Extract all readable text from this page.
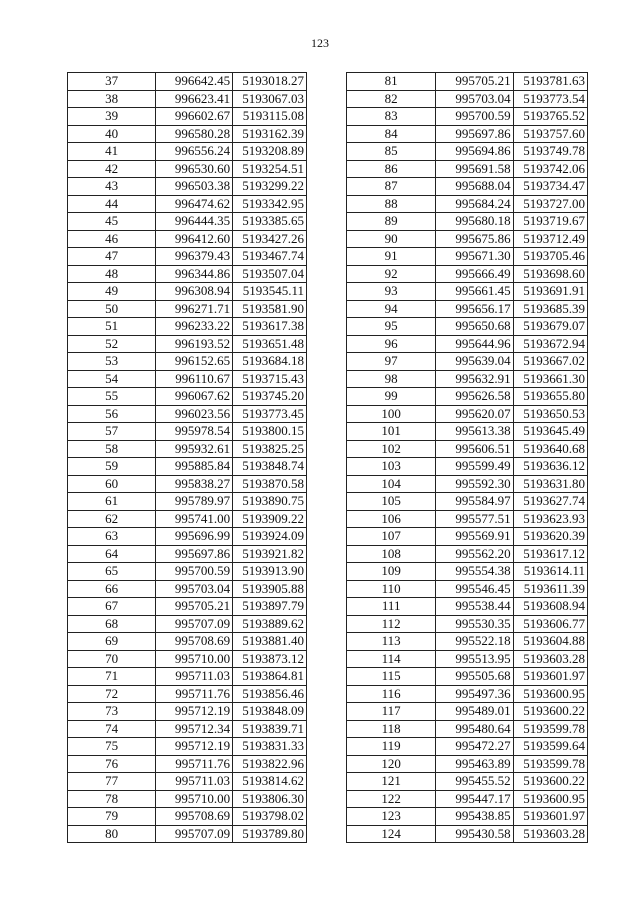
123
37	996642.45	5193018.27
38	996623.41	5193067.03
39	996602.67	5193115.08
40	996580.28	5193162.39
41	996556.24	5193208.89
42	996530.60	5193254.51
43	996503.38	5193299.22
44	996474.62	5193342.95
45	996444.35	5193385.65
46	996412.60	5193427.26
47	996379.43	5193467.74
48	996344.86	5193507.04
49	996308.94	5193545.11
50	996271.71	5193581.90
51	996233.22	5193617.38
52	996193.52	5193651.48
53	996152.65	5193684.18
54	996110.67	5193715.43
55	996067.62	5193745.20
56	996023.56	5193773.45
57	995978.54	5193800.15
58	995932.61	5193825.25
59	995885.84	5193848.74
60	995838.27	5193870.58
61	995789.97	5193890.75
62	995741.00	5193909.22
63	995696.99	5193924.09
64	995697.86	5193921.82
65	995700.59	5193913.90
66	995703.04	5193905.88
67	995705.21	5193897.79
68	995707.09	5193889.62
69	995708.69	5193881.40
70	995710.00	5193873.12
71	995711.03	5193864.81
72	995711.76	5193856.46
73	995712.19	5193848.09
74	995712.34	5193839.71
75	995712.19	5193831.33
76	995711.76	5193822.96
77	995711.03	5193814.62
78	995710.00	5193806.30
79	995708.69	5193798.02
80	995707.09	5193789.80
81	995705.21	5193781.63
82	995703.04	5193773.54
83	995700.59	5193765.52
84	995697.86	5193757.60
85	995694.86	5193749.78
86	995691.58	5193742.06
87	995688.04	5193734.47
88	995684.24	5193727.00
89	995680.18	5193719.67
90	995675.86	5193712.49
91	995671.30	5193705.46
92	995666.49	5193698.60
93	995661.45	5193691.91
94	995656.17	5193685.39
95	995650.68	5193679.07
96	995644.96	5193672.94
97	995639.04	5193667.02
98	995632.91	5193661.30
99	995626.58	5193655.80
100	995620.07	5193650.53
101	995613.38	5193645.49
102	995606.51	5193640.68
103	995599.49	5193636.12
104	995592.30	5193631.80
105	995584.97	5193627.74
106	995577.51	5193623.93
107	995569.91	5193620.39
108	995562.20	5193617.12
109	995554.38	5193614.11
110	995546.45	5193611.39
111	995538.44	5193608.94
112	995530.35	5193606.77
113	995522.18	5193604.88
114	995513.95	5193603.28
115	995505.68	5193601.97
116	995497.36	5193600.95
117	995489.01	5193600.22
118	995480.64	5193599.78
119	995472.27	5193599.64
120	995463.89	5193599.78
121	995455.52	5193600.22
122	995447.17	5193600.95
123	995438.85	5193601.97
124	995430.58	5193603.28
